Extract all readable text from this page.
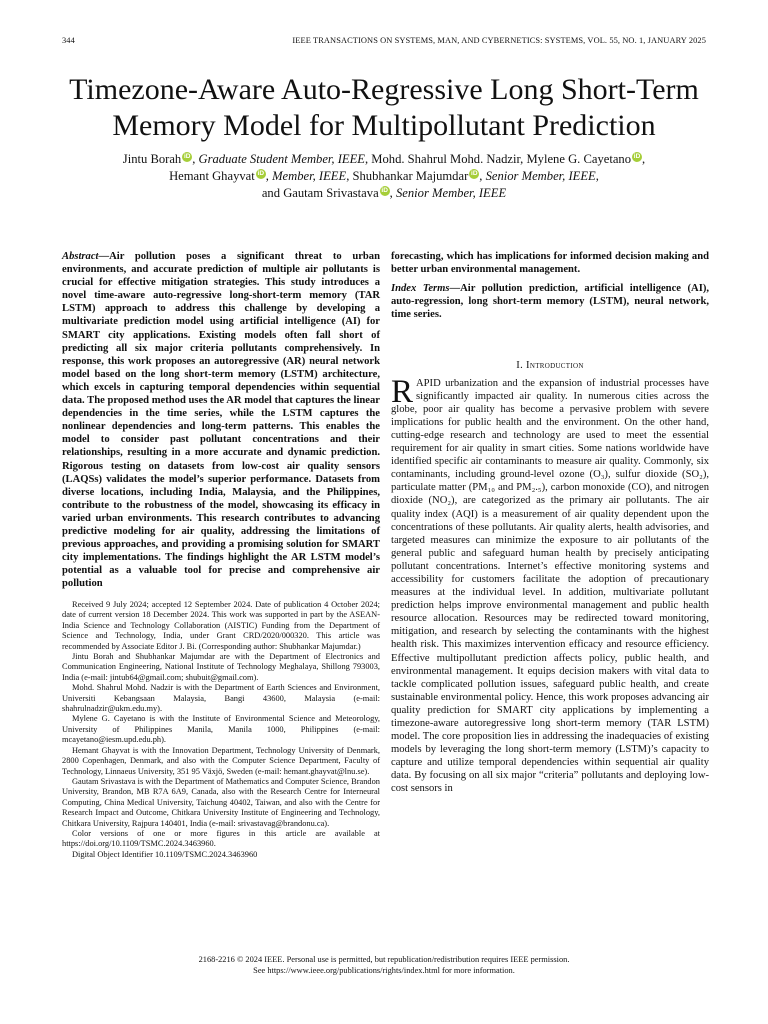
344	IEEE TRANSACTIONS ON SYSTEMS, MAN, AND CYBERNETICS: SYSTEMS, VOL. 55, NO. 1, JANUARY 2025
Timezone-Aware Auto-Regressive Long Short-Term Memory Model for Multipollutant Prediction
Jintu Borah iD , Graduate Student Member, IEEE, Mohd. Shahrul Mohd. Nadzir, Mylene G. Cayetano iD ,
Hemant Ghayvat iD , Member, IEEE, Shubhankar Majumdar iD , Senior Member, IEEE,
and Gautam Srivastava iD , Senior Member, IEEE
Abstract—Air pollution poses a significant threat to urban environments, and accurate prediction of multiple air pollutants is crucial for effective mitigation strategies. This study introduces a novel time-aware auto-regressive long-short-term memory (TAR LSTM) approach to address this challenge by developing a multivariate prediction model using artificial intelligence (AI) for SMART city applications. Existing models often fall short of predicting all six major criteria pollutants comprehensively. In response, this work proposes an autoregressive (AR) neural network model based on the long short-term memory (LSTM) architecture, which excels in capturing temporal dependencies within sequential data. The proposed method uses the AR model that captures the linear dependencies in the time series, while the LSTM captures the nonlinear dependencies and long-term patterns. This enables the model to consider past pollutant concentrations and their relationships, resulting in a more accurate and dynamic prediction. Rigorous testing on datasets from low-cost air quality sensors (LAQSs) validates the model’s superior performance. Datasets from diverse locations, including India, Malaysia, and the Philippines, contribute to the robustness of the model, showcasing its efficacy in varied urban environments. This research contributes to advancing predictive modeling for air quality, addressing the limitations of previous approaches, and providing a promising solution for SMART city implementations. The findings highlight the AR LSTM model’s potential as a valuable tool for precise and comprehensive air pollution

Received 9 July 2024; accepted 12 September 2024. Date of publication 4 October 2024; date of current version 18 December 2024. This work was supported in part by the ASEAN-India Science and Technology Collaboration (AISTIC) Funding from the Department of Science and Technology, India, under Grant CRD/2020/000320. This article was recommended by Associate Editor J. Bi. (Corresponding author: Shubhankar Majumdar.)

Jintu Borah and Shubhankar Majumdar are with the Department of Electronics and Communication Engineering, National Institute of Technology Meghalaya, Shillong 793003, India (e-mail: jintub64@gmail.com; shubuit@gmail.com).

Mohd. Shahrul Mohd. Nadzir is with the Department of Earth Sciences and Environment, Universiti Kebangsaan Malaysia, Bangi 43600, Malaysia (e-mail: shahrulnadzir@ukm.edu.my).

Mylene G. Cayetano is with the Institute of Environmental Science and Meteorology, University of Philippines Manila, Manila 1000, Philippines (e-mail: mcayetano@iesm.upd.edu.ph).

Hemant Ghayvat is with the Innovation Department, Technology University of Denmark, 2800 Copenhagen, Denmark, and also with the Computer Science Department, Faculty of Technology, Linnaeus University, 351 95 Växjö, Sweden (e-mail: hemant.ghayvat@lnu.se).

Gautam Srivastava is with the Department of Mathematics and Computer Science, Brandon University, Brandon, MB R7A 6A9, Canada, also with the Research Centre for Interneural Computing, China Medical University, Taichung 40402, Taiwan, and also with the Centre for Research Impact and Outcome, Chitkara University Institute of Engineering and Technology, Chitkara University, Rajpura 140401, India (e-mail: srivastavag@brandonu.ca).

Color versions of one or more figures in this article are available at https://doi.org/10.1109/TSMC.2024.3463960.

Digital Object Identifier 10.1109/TSMC.2024.3463960

forecasting, which has implications for informed decision making and better urban environmental management.
Index Terms—Air pollution prediction, artificial intelligence (AI), auto-regression, long short-term memory (LSTM), neural network, time series.
I. Introduction
RAPID urbanization and the expansion of industrial processes have significantly impacted air quality. In numerous cities across the globe, poor air quality has become a pervasive problem with severe implications for public health and the environment. On the other hand, cutting-edge research and technology are used to meet the essential requirement for air quality in smart cities. Some nations worldwide have identified specific air contaminants to measure air quality. Commonly, six contaminants, including ground-level ozone (O₃), sulfur dioxide (SO₂), particulate matter (PM₁₀ and PM₂.₅), carbon monoxide (CO), and nitrogen dioxide (NO₂), are categorized as the primary air pollutants. The air quality index (AQI) is a measurement of air quality dependent upon the concentrations of these pollutants. Air quality alerts, health advisories, and targeted measures can minimize the exposure to air pollutants of the general public and safeguard human health by precisely anticipating pollutant concentrations. Internet’s effective monitoring systems and accessibility for customers facilitate the adoption of precautionary measures at the individual level. In addition, multivariate pollutant prediction helps improve environmental management and public health resource allocation. Resources may be redirected toward monitoring, mitigation, and research by selecting the contaminants with the highest health risk. This maximizes intervention efficacy and resource efficiency. Effective multipollutant prediction affects policy, public health, and environmental management. It equips decision makers with vital data to tackle complicated pollution issues, safeguard public health, and create sustainable environmental policy. Hence, this work proposes advancing air quality prediction for SMART city applications by implementing a timezone-aware autoregressive long short-term memory (TAR LSTM) model. The core proposition lies in addressing the inadequacies of existing models by leveraging the long short-term memory (LSTM)’s capacity to capture and utilize temporal dependencies within sequential air quality data. By focusing on all six major “criteria” pollutants and deploying low-cost sensors in
2168-2216 © 2024 IEEE. Personal use is permitted, but republication/redistribution requires IEEE permission.
See https://www.ieee.org/publications/rights/index.html for more information.
